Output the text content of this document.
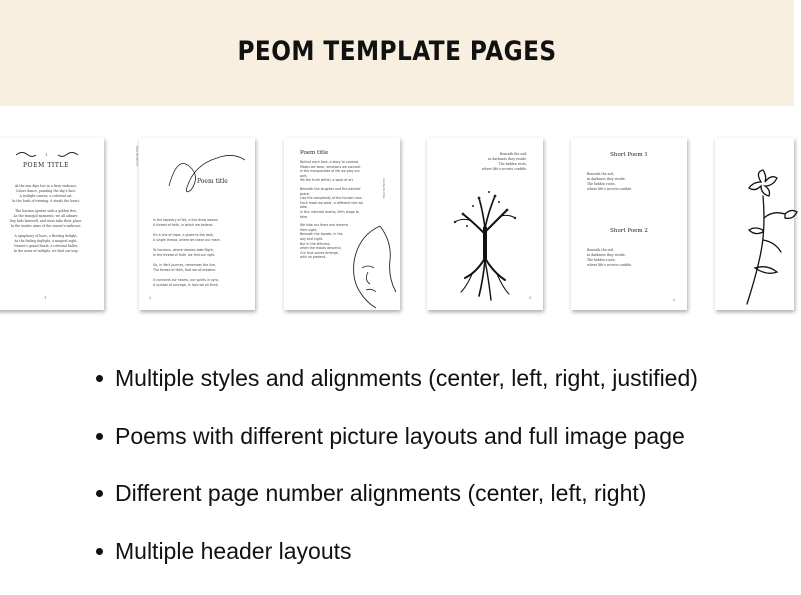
PEOM TEMPLATE PAGES
1
POEM TITLE
At the sun dips low in a fiery embrace,
Colors dance, painting the sky's face.
A twilight canvas, a celestial art,
In the hush of evening, it steals the heart.
The horizon ignites with a golden fire,
As the tranquil moments, we all admire.
Day bids farewell, and stars take their place,
In the tender arms of the sunset's embrace.
A symphony of hues, a fleeting delight,
As the fading daylight, a magical sight.
Nature's grand finale, a celestial ballet,
In the arms of twilight, we find our way.
1
Contents title
Poem title
In the tapestry of life, a line drew weave,
A thread of faith, in which we believe.
It's a line of hope, a guide to the dark,
A single thread, where we leave our mark.
To horizons, where dreams take flight,
In the thread of faith, we find our light.
So, in life's journey, remember the line,
The thread of faith, that we all entwine.
It connects our hearts, our spirits in sync,
A symbol of courage, in love we all think.
2
Poem title
Contents title
Behind each face, a story to conceal,
Masks we wear, emotions we conceal.
In the masquerade of life we play our
part,
Yet the truth within, a work of art.
Beneath the laughter and the painted
grace,
Lies the complexity of the human race.
Each mask we wear, a different role we
take,
In this intricate drama, life's stage to
take.
We hide our fears and dreams
from sight,
Beneath the facade, in the
day and night.
But in the stillness,
when the masks descend,
Our true selves emerge,
with no pretend.
Beneath the soil,
in darkness they reside.
The hidden roots,
where life's secrets confide.
3
Short Poem 1
Beneath the soil,
in darkness they reside.
The hidden roots,
where life's secrets confide.
Short Poem 2
Beneath the soil,
in darkness they reside.
The hidden roots,
where life's secrets confide.
2
Multiple styles and alignments (center, left, right, justified)
Poems with different picture layouts and full image page
Different page number alignments (center, left, right)
Multiple header layouts
